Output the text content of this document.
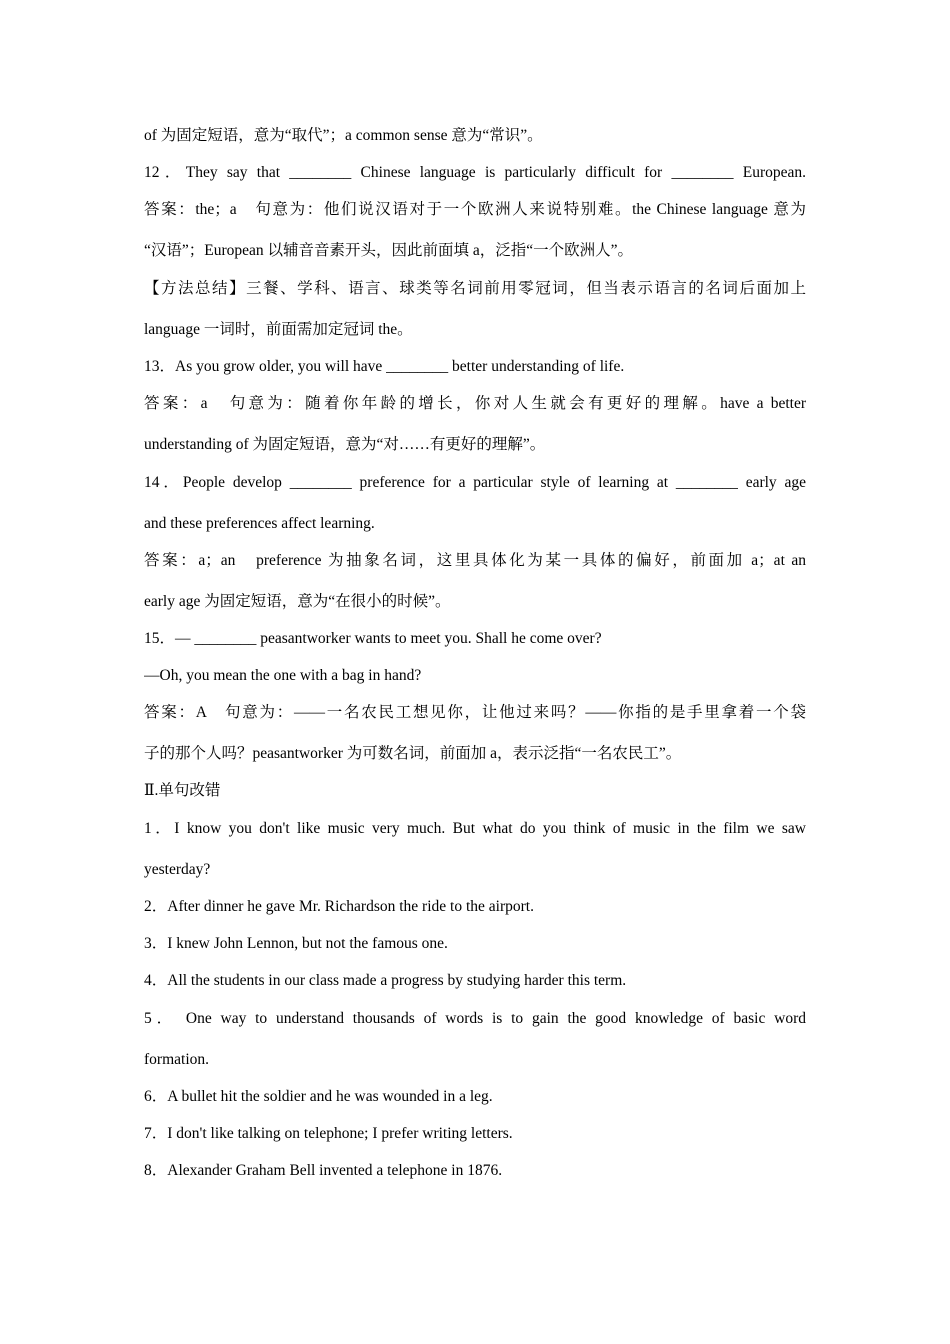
of 为固定短语，意为“取代”；a common sense 意为“常识”。
12．They say that ________ Chinese language is particularly difficult for ________ European.
答案：the；a　句意为：他们说汉语对于一个欧洲人来说特别难。the Chinese language 意为
“汉语”；European 以辅音音素开头，因此前面填 a，泛指“一个欧洲人”。
【方法总结】三餐、学科、语言、球类等名词前用零冠词，但当表示语言的名词后面加上
language 一词时，前面需加定冠词 the。
13．As you grow older, you will have ________ better understanding of life.
答案：a　句意为：随着你年龄的增长，你对人生就会有更好的理解。have a better
understanding of 为固定短语，意为“对……有更好的理解”。
14．People develop ________ preference for a particular style of learning at ________ early age
and these preferences affect learning.
答案：a；an　preference 为抽象名词，这里具体化为某一具体的偏好，前面加 a；at an
early age 为固定短语，意为“在很小的时候”。
15．— ________ peasantworker wants to meet you. Shall he come over?
—Oh, you mean the one with a bag in hand?
答案：A　句意为：——一名农民工想见你，让他过来吗？——你指的是手里拿着一个袋
子的那个人吗？peasantworker 为可数名词，前面加 a，表示泛指“一名农民工”。
Ⅱ.单句改错
1．I know you don't like music very much. But what do you think of music in the film we saw
yesterday?
2．After dinner he gave Mr. Richardson the ride to the airport.
3．I knew John Lennon, but not the famous one.
4．All the students in our class made a progress by studying harder this term.
5． One way to understand thousands of words is to gain the good knowledge of basic word
formation.
6．A bullet hit the soldier and he was wounded in a leg.
7．I don't like talking on telephone; I prefer writing letters.
8．Alexander Graham Bell invented a telephone in 1876.
